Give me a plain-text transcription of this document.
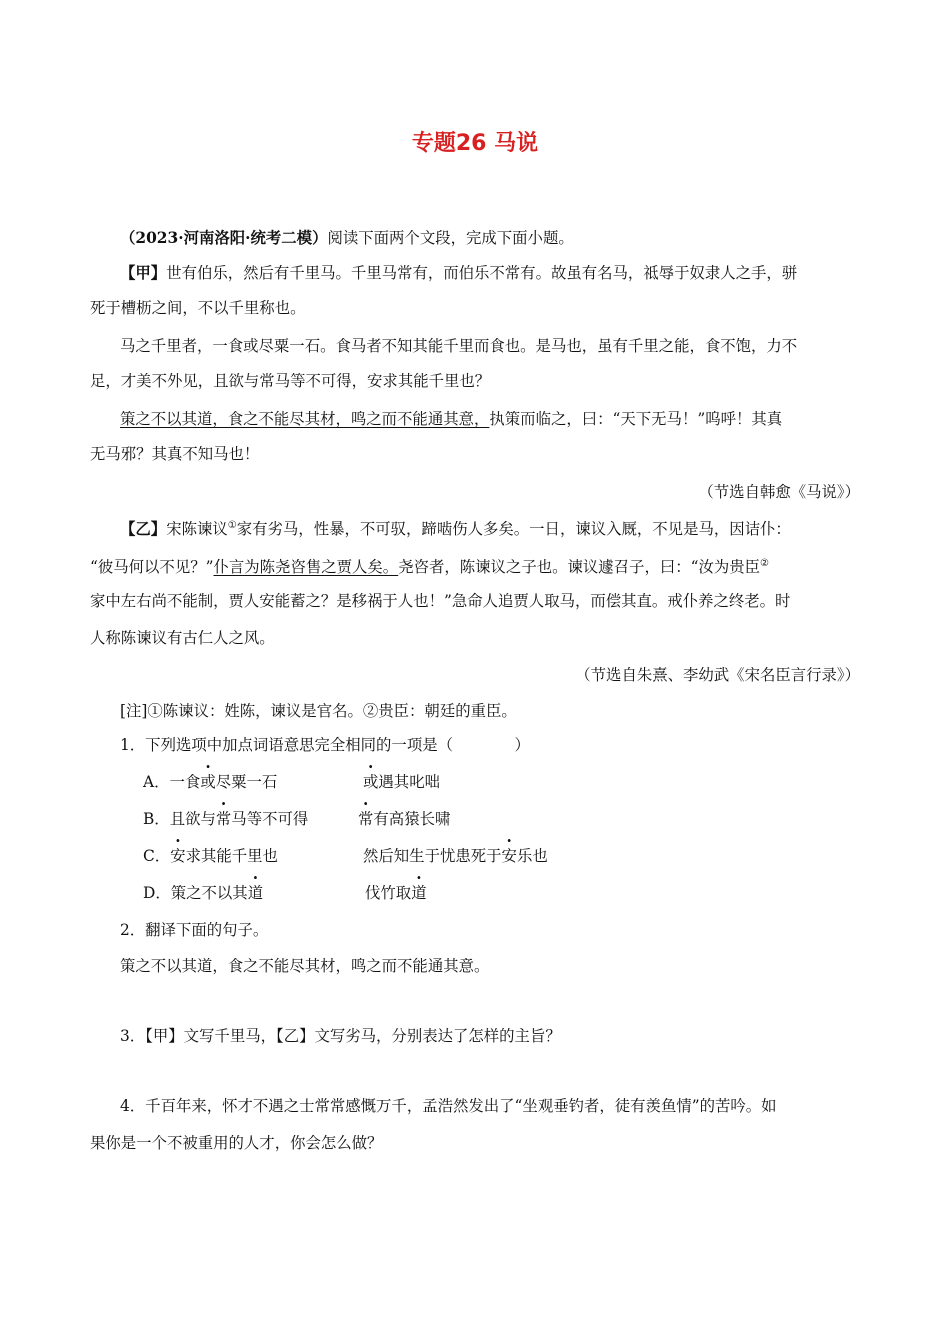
专题26 马说
（2023·河南洛阳·统考二模）阅读下面两个文段，完成下面小题。
【甲】世有伯乐，然后有千里马。千里马常有，而伯乐不常有。故虽有名马，祗辱于奴隶人之手，骈
死于槽枥之间，不以千里称也。
马之千里者，一食或尽粟一石。食马者不知其能千里而食也。是马也，虽有千里之能，食不饱，力不
足，才美不外见，且欲与常马等不可得，安求其能千里也？
策之不以其道，食之不能尽其材，鸣之而不能通其意，执策而临之，曰：“天下无马！”呜呼！其真
无马邪？其真不知马也！
（节选自韩愈《马说》）
【乙】宋陈谏议①家有劣马，性暴，不可驭，蹄啮伤人多矣。一日，谏议入厩，不见是马，因诘仆：
“彼马何以不见？”仆言为陈尧咨售之贾人矣。尧咨者，陈谏议之子也。谏议遽召子，曰：“汝为贵臣②
家中左右尚不能制，贾人安能蓄之？是移祸于人也！”急命人追贾人取马，而偿其直。戒仆养之终老。时
人称陈谏议有古仁人之风。
（节选自朱熹、李幼武《宋名臣言行录》）
[注]①陈谏议：姓陈，谏议是官名。②贵臣：朝廷的重臣。
1．下列选项中加点词语意思完全相同的一项是（　　　　）
A．一食或尽粟一石	或遇其叱咄
B．且欲与常马等不可得	常有高猿长啸
C．安求其能千里也	然后知生于忧患死于安乐也
D．策之不以其道	伐竹取道
2．翻译下面的句子。
策之不以其道，食之不能尽其材，鸣之而不能通其意。
3．【甲】文写千里马，【乙】文写劣马，分别表达了怎样的主旨？
4．千百年来，怀才不遇之士常常感慨万千，孟浩然发出了“坐观垂钓者，徒有羡鱼情”的苦吟。如
果你是一个不被重用的人才，你会怎么做？
